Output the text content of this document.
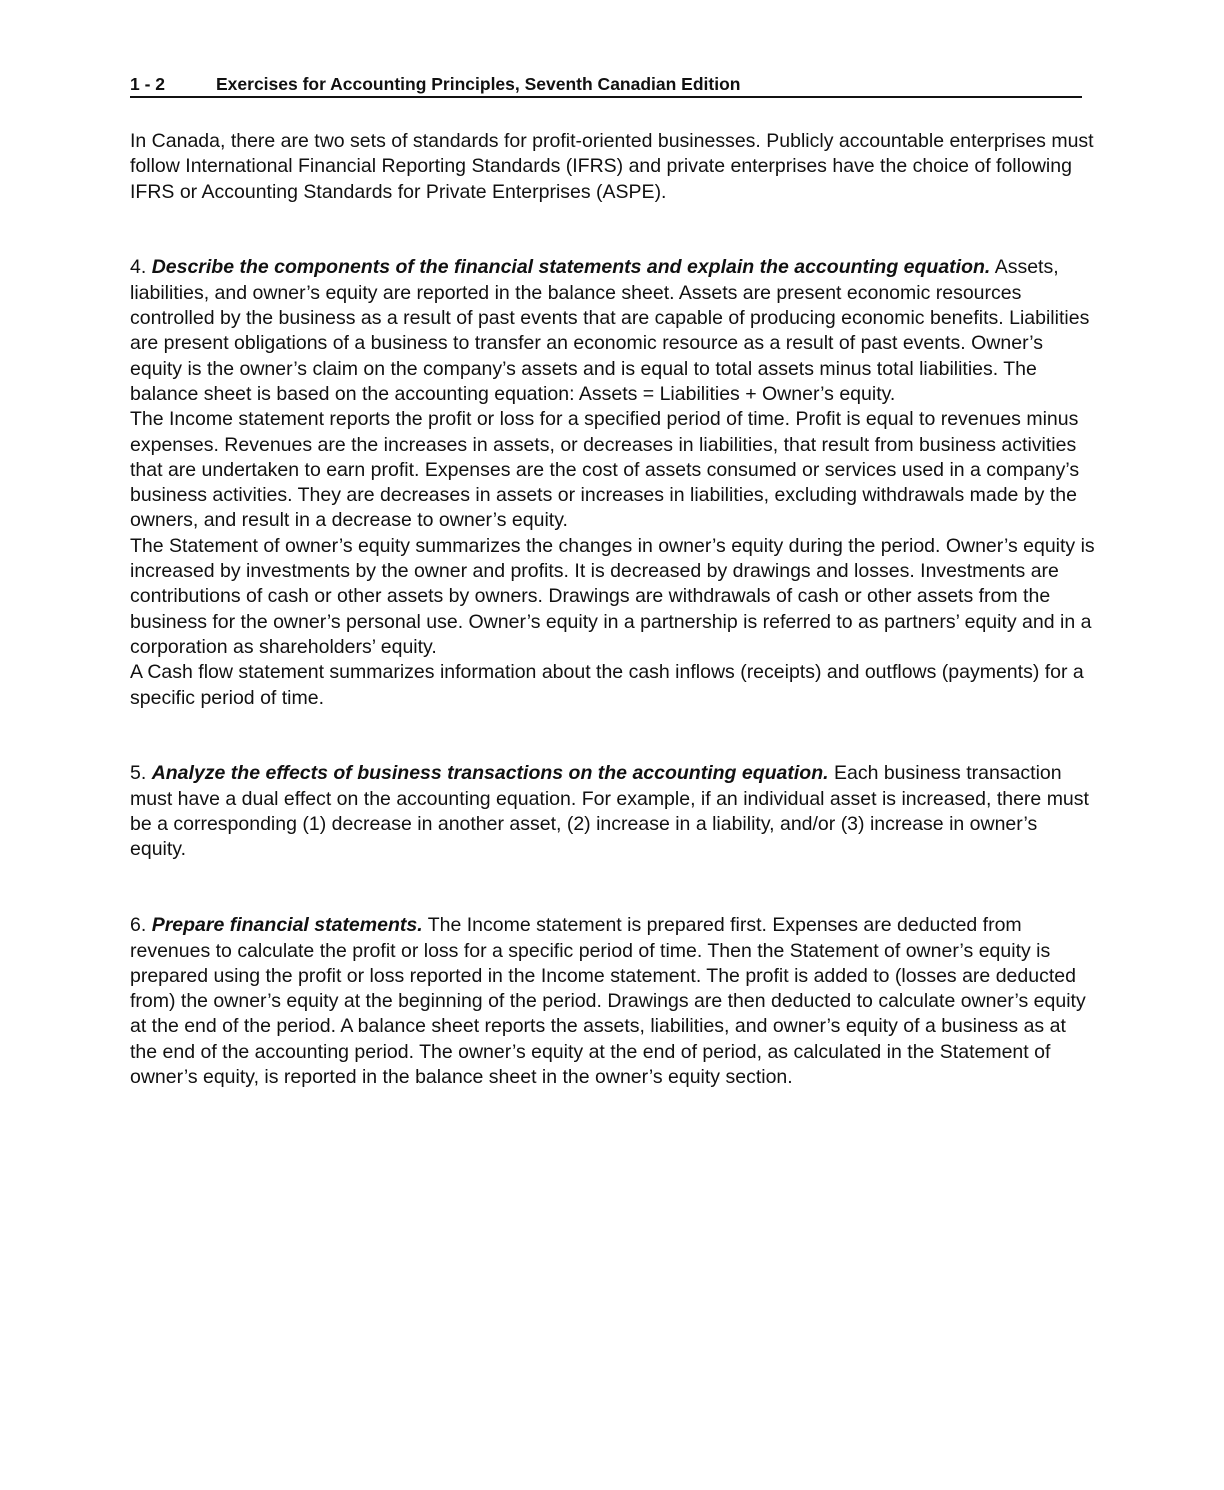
1 - 2	Exercises for Accounting Principles, Seventh Canadian Edition

In Canada, there are two sets of standards for profit-oriented businesses. Publicly accountable enterprises must follow International Financial Reporting Standards (IFRS) and private enterprises have the choice of following IFRS or Accounting Standards for Private Enterprises (ASPE).

4. Describe the components of the financial statements and explain the accounting equation. Assets, liabilities, and owner’s equity are reported in the balance sheet. Assets are present economic resources controlled by the business as a result of past events that are capable of producing economic benefits. Liabilities are present obligations of a business to transfer an economic resource as a result of past events. Owner’s equity is the owner’s claim on the company’s assets and is equal to total assets minus total liabilities. The balance sheet is based on the accounting equation: Assets = Liabilities + Owner’s equity.

The Income statement reports the profit or loss for a specified period of time. Profit is equal to revenues minus expenses. Revenues are the increases in assets, or decreases in liabilities, that result from business activities that are undertaken to earn profit. Expenses are the cost of assets consumed or services used in a company’s business activities. They are decreases in assets or increases in liabilities, excluding withdrawals made by the owners, and result in a decrease to owner’s equity.

The Statement of owner’s equity summarizes the changes in owner’s equity during the period. Owner’s equity is increased by investments by the owner and profits. It is decreased by drawings and losses. Investments are contributions of cash or other assets by owners. Drawings are withdrawals of cash or other assets from the business for the owner’s personal use. Owner’s equity in a partnership is referred to as partners’ equity and in a corporation as shareholders’ equity.

A Cash flow statement summarizes information about the cash inflows (receipts) and outflows (payments) for a specific period of time.

5. Analyze the effects of business transactions on the accounting equation. Each business transaction must have a dual effect on the accounting equation. For example, if an individual asset is increased, there must be a corresponding (1) decrease in another asset, (2) increase in a liability, and/or (3) increase in owner’s equity.

6. Prepare financial statements. The Income statement is prepared first. Expenses are deducted from revenues to calculate the profit or loss for a specific period of time. Then the Statement of owner’s equity is prepared using the profit or loss reported in the Income statement. The profit is added to (losses are deducted from) the owner’s equity at the beginning of the period. Drawings are then deducted to calculate owner’s equity at the end of the period. A balance sheet reports the assets, liabilities, and owner’s equity of a business as at the end of the accounting period. The owner’s equity at the end of period, as calculated in the Statement of owner’s equity, is reported in the balance sheet in the owner’s equity section.
